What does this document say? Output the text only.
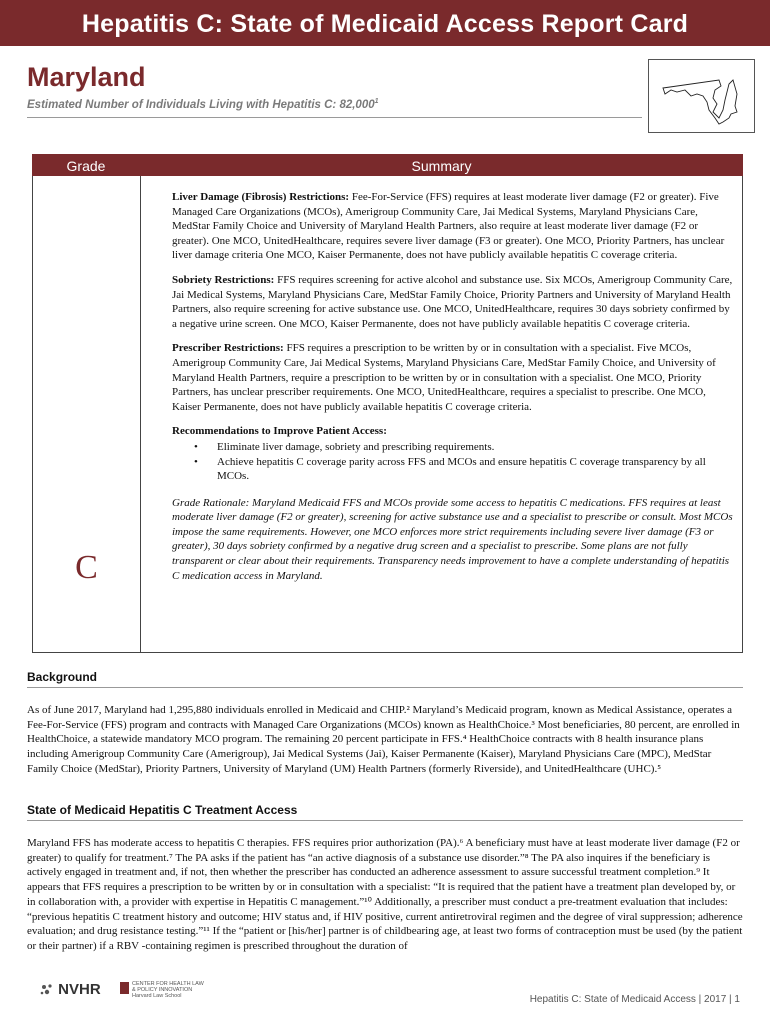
Hepatitis C: State of Medicaid Access Report Card
Maryland
Estimated Number of Individuals Living with Hepatitis C: 82,000$^1$
Grade	Summary
C

Liver Damage (Fibrosis) Restrictions: Fee-For-Service (FFS) requires at least moderate liver damage (F2 or greater). Five Managed Care Organizations (MCOs), Amerigroup Community Care, Jai Medical Systems, Maryland Physicians Care, MedStar Family Choice and University of Maryland Health Partners, also require at least moderate liver damage (F2 or greater). One MCO, UnitedHealthcare, requires severe liver damage (F3 or greater). One MCO, Priority Partners, has unclear liver damage criteria One MCO, Kaiser Permanente, does not have publicly available hepatitis C coverage criteria.

Sobriety Restrictions: FFS requires screening for active alcohol and substance use. Six MCOs, Amerigroup Community Care, Jai Medical Systems, Maryland Physicians Care, MedStar Family Choice, Priority Partners and University of Maryland Health Partners, also require screening for active substance use. One MCO, UnitedHealthcare, requires 30 days sobriety confirmed by a negative urine screen. One MCO, Kaiser Permanente, does not have publicly available hepatitis C coverage criteria.

Prescriber Restrictions: FFS requires a prescription to be written by or in consultation with a specialist. Five MCOs, Amerigroup Community Care, Jai Medical Systems, Maryland Physicians Care, MedStar Family Choice, and University of Maryland Health Partners, require a prescription to be written by or in consultation with a specialist. One MCO, Priority Partners, has unclear prescriber requirements. One MCO, UnitedHealthcare, requires a specialist to prescribe. One MCO, Kaiser Permanente, does not have publicly available hepatitis C coverage criteria.

Recommendations to Improve Patient Access:

• Eliminate liver damage, sobriety and prescribing requirements.
• Achieve hepatitis C coverage parity across FFS and MCOs and ensure hepatitis C coverage transparency by all MCOs.

Grade Rationale: Maryland Medicaid FFS and MCOs provide some access to hepatitis C medications. FFS requires at least moderate liver damage (F2 or greater), screening for active substance use and a specialist to prescribe or consult. Most MCOs impose the same requirements. However, one MCO enforces more strict requirements including severe liver damage (F3 or greater), 30 days sobriety confirmed by a negative drug screen and a specialist to prescribe. Some plans are not fully transparent or clear about their requirements. Transparency needs improvement to have a complete understanding of hepatitis C medication access in Maryland.

Background

As of June 2017, Maryland had 1,295,880 individuals enrolled in Medicaid and CHIP.² Maryland’s Medicaid program, known as Medical Assistance, operates a Fee-For-Service (FFS) program and contracts with Managed Care Organizations (MCOs) known as HealthChoice.³ Most beneficiaries, 80 percent, are enrolled in HealthChoice, a statewide mandatory MCO program. The remaining 20 percent participate in FFS.⁴ HealthChoice contracts with 8 health insurance plans including Amerigroup Community Care (Amerigroup), Jai Medical Systems (Jai), Kaiser Permanente (Kaiser), Maryland Physicians Care (MPC), MedStar Family Choice (MedStar), Priority Partners, University of Maryland (UM) Health Partners (formerly Riverside), and UnitedHealthcare (UHC).⁵

State of Medicaid Hepatitis C Treatment Access

Maryland FFS has moderate access to hepatitis C therapies. FFS requires prior authorization (PA).⁶ A beneficiary must have at least moderate liver damage (F2 or greater) to qualify for treatment.⁷ The PA asks if the patient has “an active diagnosis of a substance use disorder.”⁸ The PA also inquires if the beneficiary is actively engaged in treatment and, if not, then whether the prescriber has conducted an adherence assessment to assure successful treatment completion.⁹ It appears that FFS requires a prescription to be written by or in consultation with a specialist: “It is required that the patient have a treatment plan developed by, or in collaboration with, a provider with expertise in Hepatitis C management.”¹⁰ Additionally, a prescriber must conduct a pre-treatment evaluation that includes: “previous hepatitis C treatment history and outcome; HIV status and, if HIV positive, current antiretroviral regimen and the degree of viral suppression; adherence evaluation; and drug resistance testing.”¹¹ If the “patient or [his/her] partner is of childbearing age, at least two forms of contraception must be used (by the patient or their partner) if a RBV -containing regimen is prescribed throughout the duration of

NVHR	CENTER FOR HEALTH LAW
& POLICY INNOVATION
Harvard Law School	Hepatitis C: State of Medicaid Access | 2017 | 1
